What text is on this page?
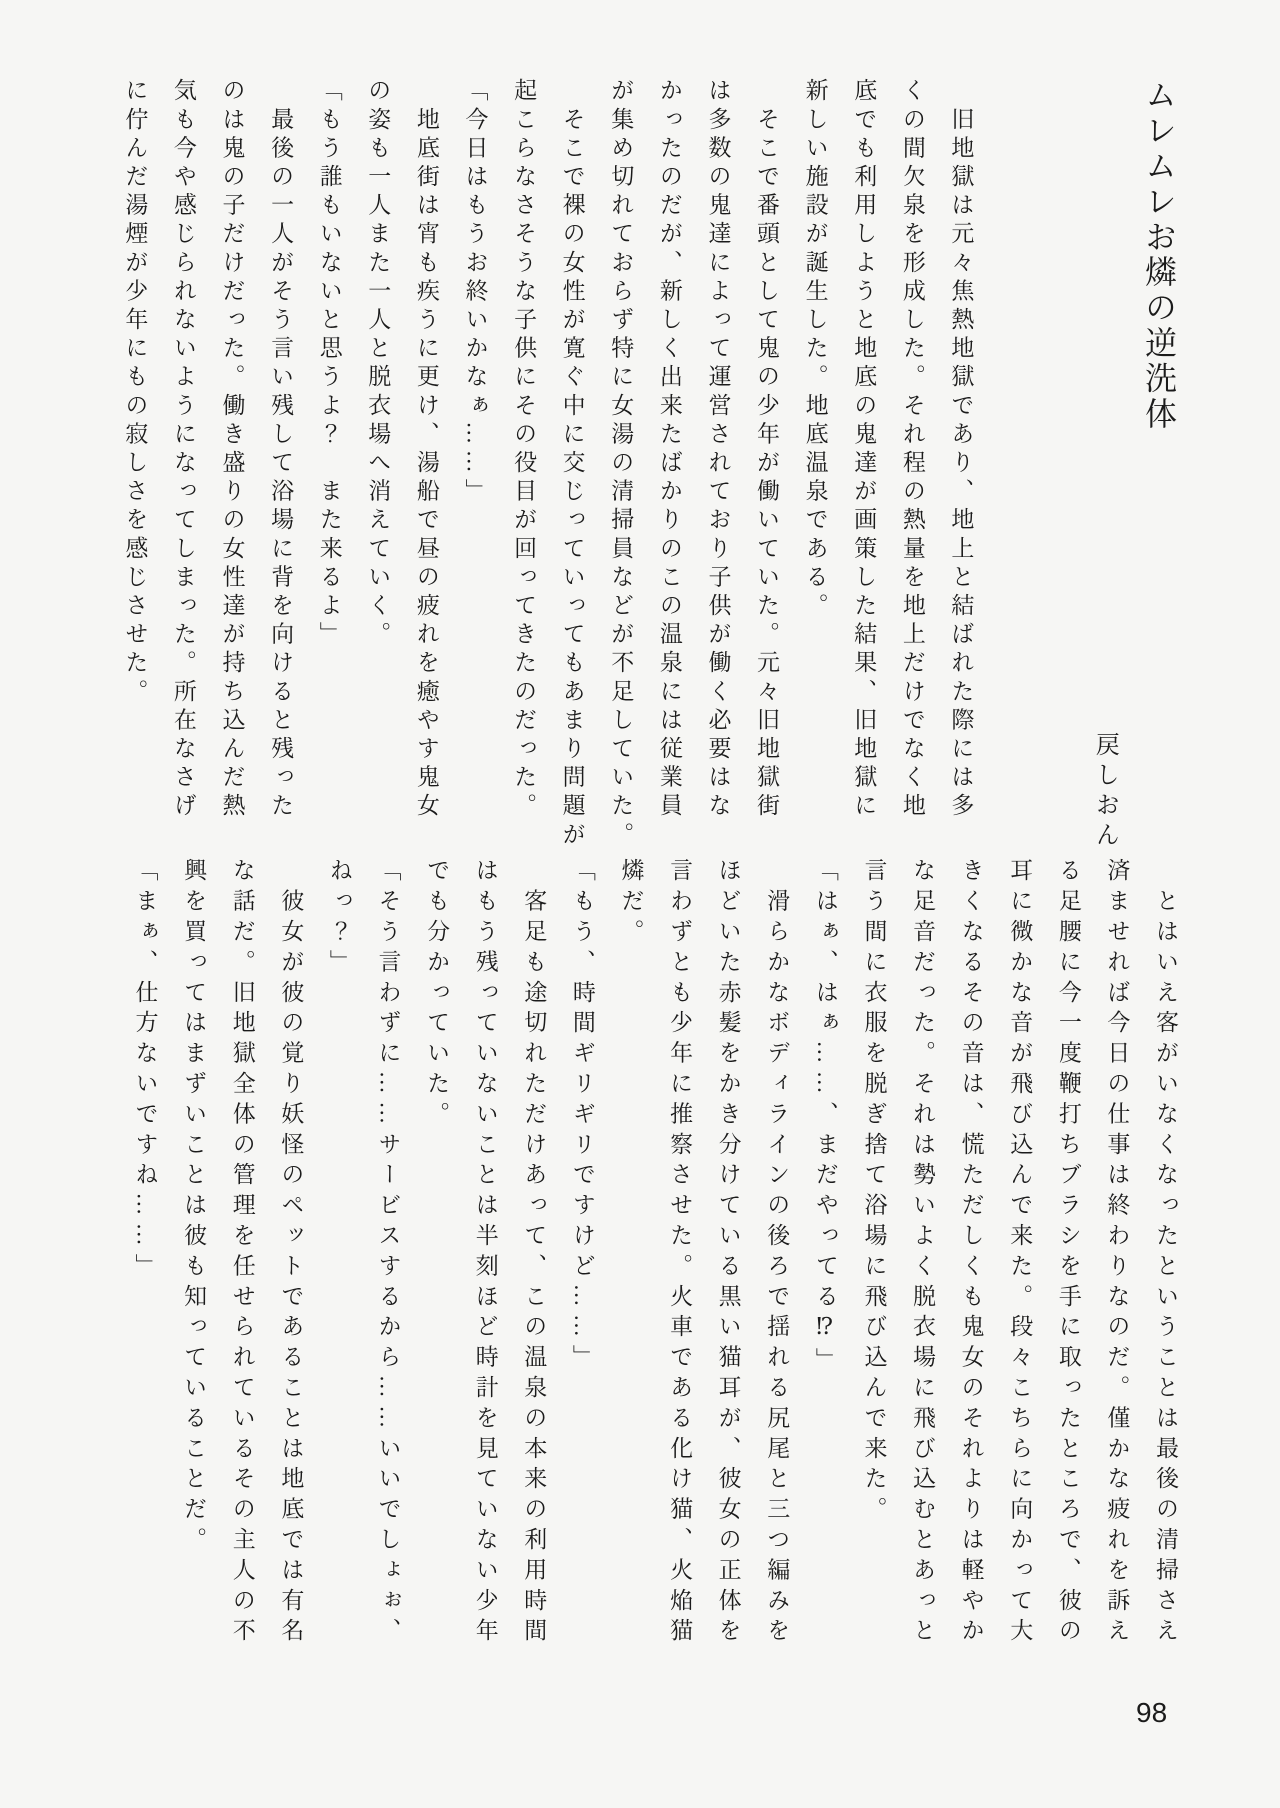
ムレムレお燐の逆洗体
戻しおん
　旧地獄は元々焦熱地獄であり、地上と結ばれた際には多
くの間欠泉を形成した。それ程の熱量を地上だけでなく地
底でも利用しようと地底の鬼達が画策した結果、旧地獄に
新しい施設が誕生した。地底温泉である。
　そこで番頭として鬼の少年が働いていた。元々旧地獄街
は多数の鬼達によって運営されており子供が働く必要はな
かったのだが、新しく出来たばかりのこの温泉には従業員
が集め切れておらず特に女湯の清掃員などが不足していた。
　そこで裸の女性が寛ぐ中に交じっていってもあまり問題が
起こらなさそうな子供にその役目が回ってきたのだった。
「今日はもうお終いかなぁ……」
　地底街は宵も疾うに更け、湯船で昼の疲れを癒やす鬼女
の姿も一人また一人と脱衣場へ消えていく。
「もう誰もいないと思うよ？　また来るよ」
　最後の一人がそう言い残して浴場に背を向けると残った
のは鬼の子だけだった。働き盛りの女性達が持ち込んだ熱
気も今や感じられないようになってしまった。所在なさげ
に佇んだ湯煙が少年にもの寂しさを感じさせた。
　とはいえ客がいなくなったということは最後の清掃さえ
済ませれば今日の仕事は終わりなのだ。僅かな疲れを訴え
る足腰に今一度鞭打ちブラシを手に取ったところで、彼の
耳に微かな音が飛び込んで来た。段々こちらに向かって大
きくなるその音は、慌ただしくも鬼女のそれよりは軽やか
な足音だった。それは勢いよく脱衣場に飛び込むとあっと
言う間に衣服を脱ぎ捨て浴場に飛び込んで来た。
「はぁ、はぁ……、まだやってる⁉」
　滑らかなボディラインの後ろで揺れる尻尾と三つ編みを
ほどいた赤髪をかき分けている黒い猫耳が、彼女の正体を
言わずとも少年に推察させた。火車である化け猫、火焔猫
燐だ。
「もう、時間ギリギリですけど……」
　客足も途切れただけあって、この温泉の本来の利用時間
はもう残っていないことは半刻ほど時計を見ていない少年
でも分かっていた。
「そう言わずに……サービスするから……いいでしょぉ、
ねっ？」
　彼女が彼の覚り妖怪のペットであることは地底では有名
な話だ。旧地獄全体の管理を任せられているその主人の不
興を買ってはまずいことは彼も知っていることだ。
「まぁ、仕方ないですね……」
98
